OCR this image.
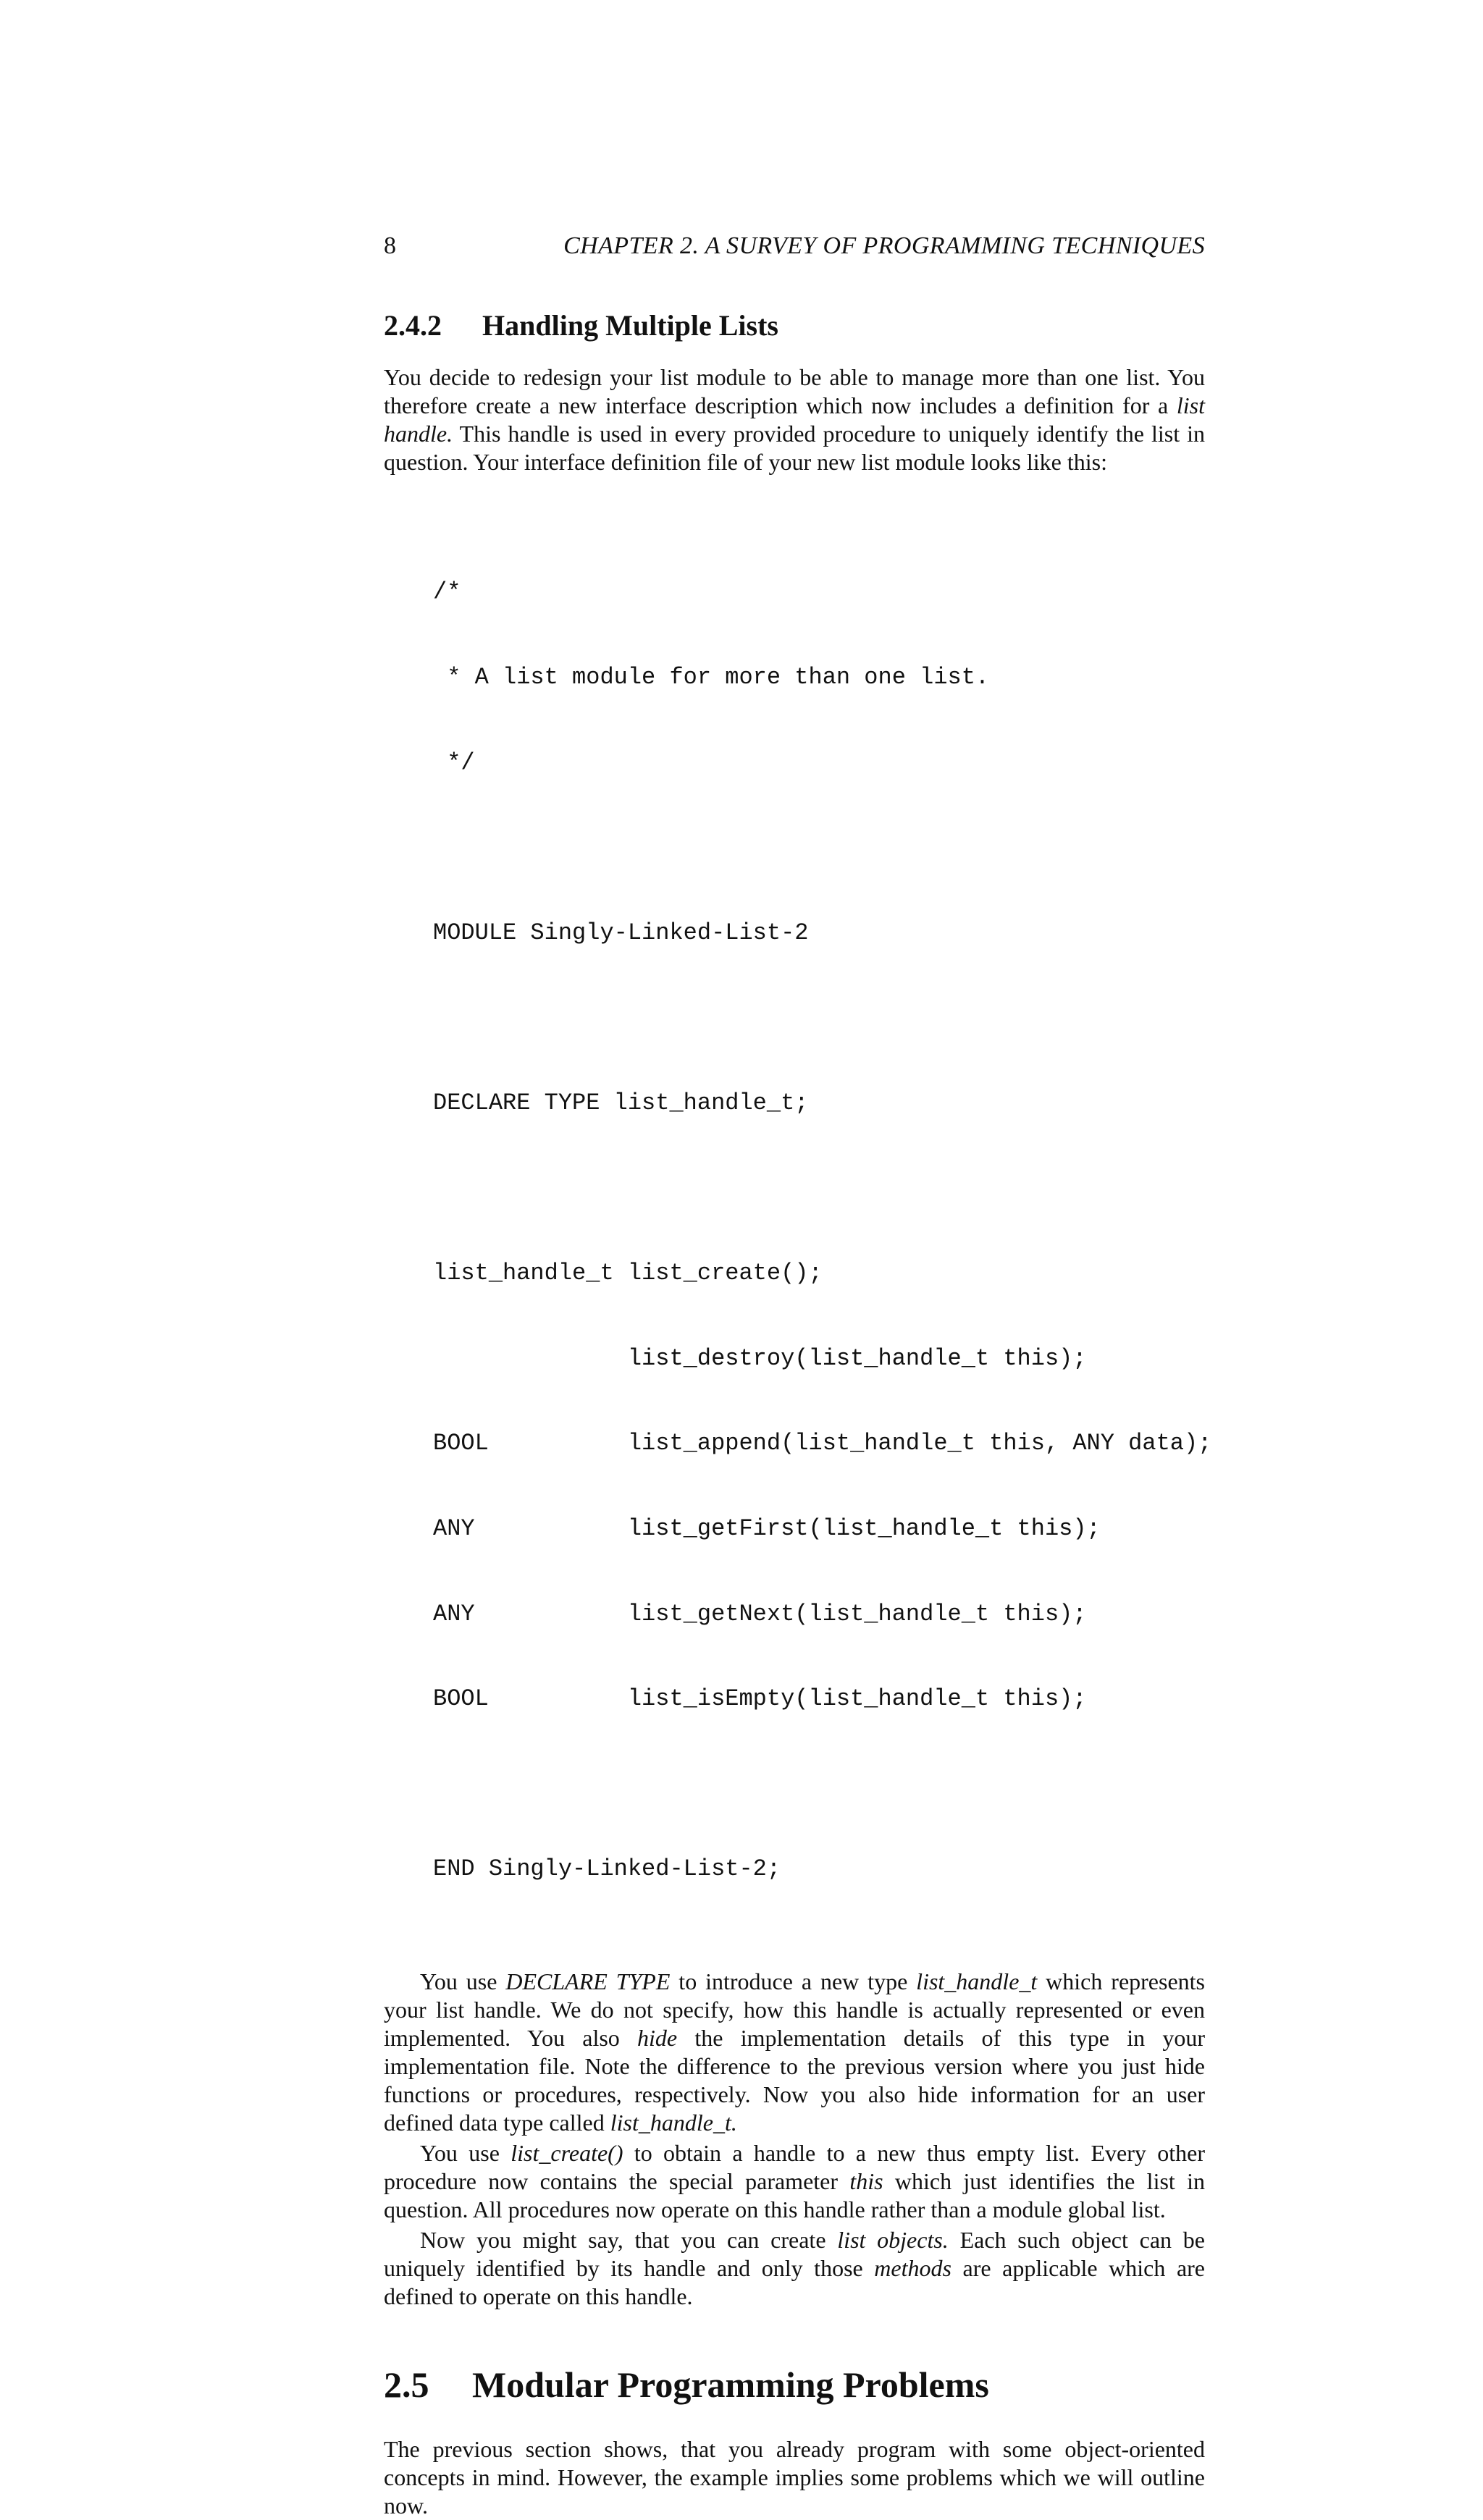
8	CHAPTER 2. A SURVEY OF PROGRAMMING TECHNIQUES
2.4.2	Handling Multiple Lists

You decide to redesign your list module to be able to manage more than one list. You therefore create a new interface description which now includes a definition for a list handle. This handle is used in every provided procedure to uniquely identify the list in question. Your interface definition file of your new list module looks like this:

/*

* A list module for more than one list.

*/

MODULE Singly-Linked-List-2

DECLARE TYPE list_handle_t;

list_handle_t list_create();

list_destroy(list_handle_t this);

BOOL          list_append(list_handle_t this, ANY data);

ANY           list_getFirst(list_handle_t this);

ANY           list_getNext(list_handle_t this);

BOOL          list_isEmpty(list_handle_t this);

END Singly-Linked-List-2;

You use DECLARE TYPE to introduce a new type list_handle_t which represents your list handle. We do not specify, how this handle is actually represented or even implemented. You also hide the implementation details of this type in your implementation file. Note the difference to the previous version where you just hide functions or procedures, respectively. Now you also hide information for an user defined data type called list_handle_t.

You use list_create() to obtain a handle to a new thus empty list. Every other procedure now contains the special parameter this which just identifies the list in question. All procedures now operate on this handle rather than a module global list.

Now you might say, that you can create list objects. Each such object can be uniquely identified by its handle and only those methods are applicable which are defined to operate on this handle.

2.5	Modular Programming Problems

The previous section shows, that you already program with some object-oriented concepts in mind. However, the example implies some problems which we will outline now.
